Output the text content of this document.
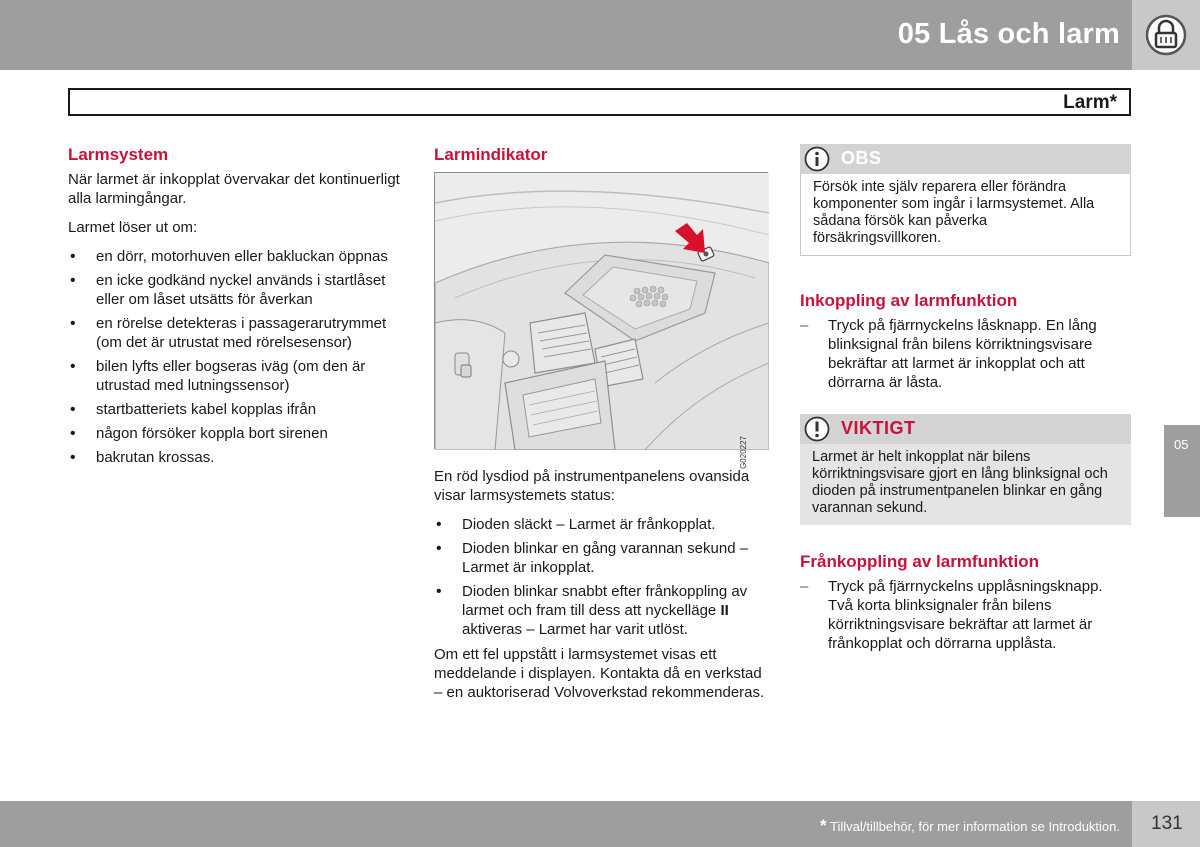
05 Lås och larm
Larm*
Larmsystem

När larmet är inkopplat övervakar det kontinuerligt alla larmingångar.

Larmet löser ut om:

• en dörr, motorhuven eller bakluckan öppnas
• en icke godkänd nyckel används i startlåset eller om låset utsätts för åverkan
• en rörelse detekteras i passagerarutrymmet (om det är utrustat med rörelsesensor)
• bilen lyfts eller bogseras iväg (om den är utrustad med lutningssensor)
• startbatteriets kabel kopplas ifrån
• någon försöker koppla bort sirenen
• bakrutan krossas.
Larmindikator
G020227

En röd lysdiod på instrumentpanelens ovansida visar larmsystemets status:

• Dioden släckt – Larmet är frånkopplat.
• Dioden blinkar en gång varannan sekund – Larmet är inkopplat.
• Dioden blinkar snabbt efter frånkoppling av larmet och fram till dess att nyckelläge II aktiveras – Larmet har varit utlöst.

Om ett fel uppstått i larmsystemet visas ett meddelande i displayen. Kontakta då en verkstad – en auktoriserad Volvoverkstad rekommenderas.

OBS
Försök inte själv reparera eller förändra komponenter som ingår i larmsystemet. Alla sådana försök kan påverka försäkringsvillkoren.
Inkoppling av larmfunktion
– Tryck på fjärrnyckelns låsknapp. En lång blinksignal från bilens körriktningsvisare bekräftar att larmet är inkopplat och att dörrarna är låsta.
VIKTIGT
Larmet är helt inkopplat när bilens körriktningsvisare gjort en lång blinksignal och dioden på instrumentpanelen blinkar en gång varannan sekund.
Frånkoppling av larmfunktion
– Tryck på fjärrnyckelns upplåsningsknapp. Två korta blinksignaler från bilens körriktningsvisare bekräftar att larmet är frånkopplat och dörrarna upplåsta.
05
* Tillval/tillbehör, för mer information se Introduktion. 131
